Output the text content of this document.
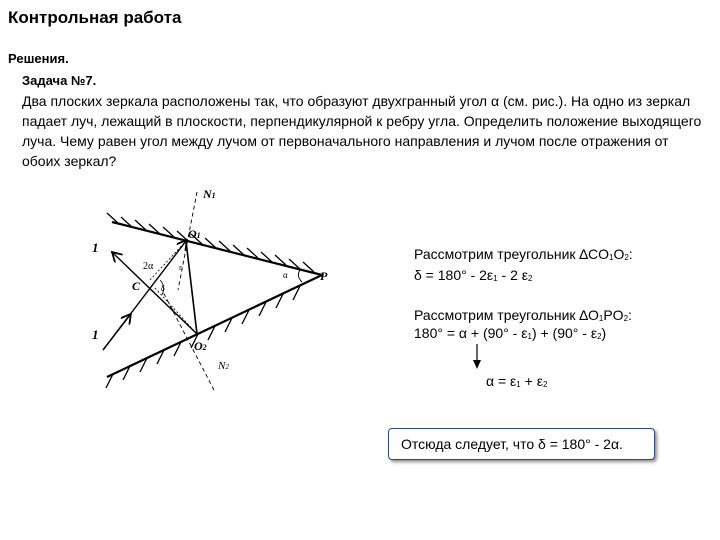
Контрольная работа
Решения.
Задача №7.
Два плоских зеркала расположены так, что образуют двухгранный угол α (см. рис.). На одно из зеркал падает луч, лежащий в плоскости, перпендикулярной к ребру угла. Определить положение выходящего луча. Чему равен угол между лучом от первоначального направления и лучом после отражения от обоих зеркал?
N1
O1
P
C
O2
N2
1
1
2α
α
δ
ε
ε
Рассмотрим треугольник $\Delta CO_1O_2$:
$\delta = 180^\circ - 2\varepsilon_1 - 2$ $\varepsilon_2$
Рассмотрим треугольник $\Delta O_1PO_2$:
$180^\circ = \alpha + (90^\circ - \varepsilon_1) + (90^\circ - \varepsilon_2)$
$\alpha = \varepsilon_1 + \varepsilon_2$
Отсюда следует, что δ = 180° - 2α.
